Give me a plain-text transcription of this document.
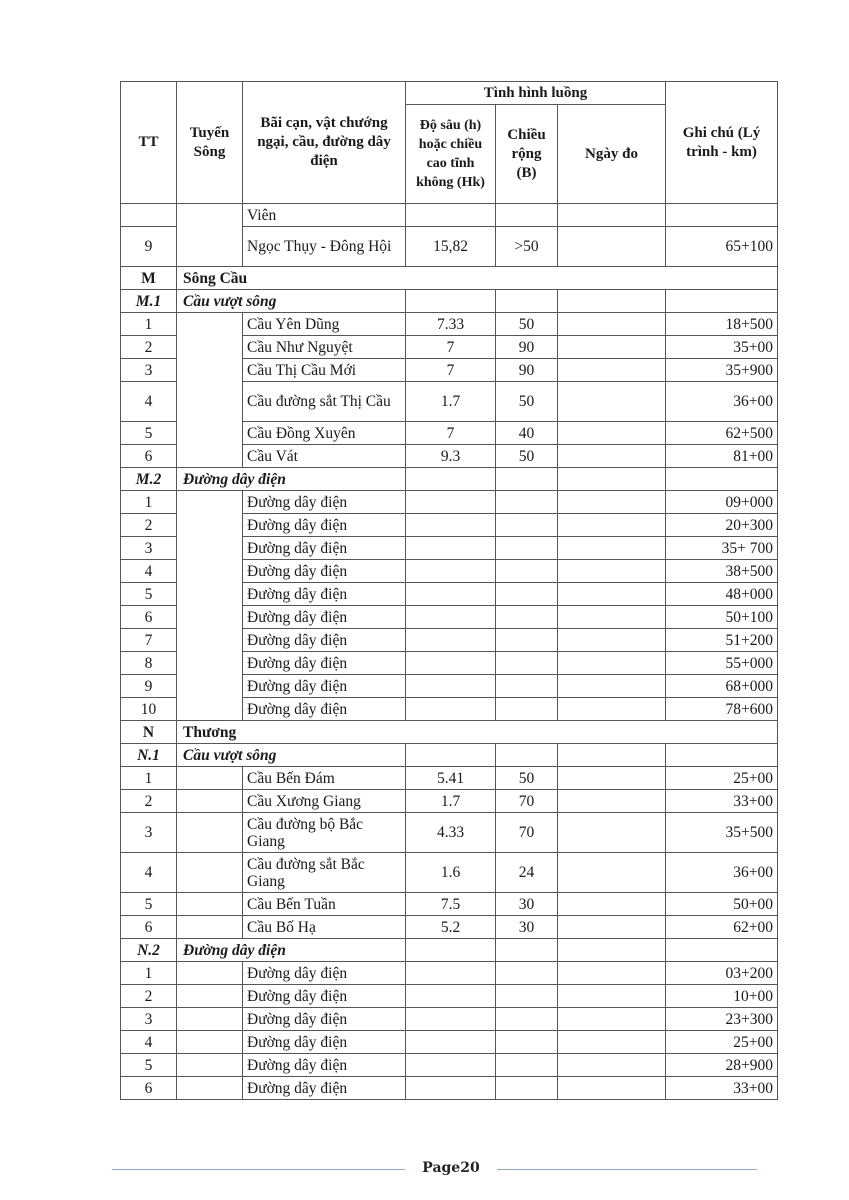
TT	Tuyến Sông	Bãi cạn, vật chướng ngại, cầu, đường dây điện	Tình hình luồng			Ghi chú (Lý trình - km)
			Độ sâu (h) hoặc chiều cao tĩnh không (Hk)	Chiều rộng (B)	Ngày đo	
		Viên				
9		Ngọc Thụy - Đông Hội	15,82	>50		65+100
M	Sông Cầu					
M.1	Cầu vượt sông					
1		Cầu Yên Dũng	7.33	50		18+500
2		Cầu Như Nguyệt	7	90		35+00
3		Cầu Thị Cầu Mới	7	90		35+900
4		Cầu đường sắt Thị Cầu	1.7	50		36+00
5		Cầu Đồng Xuyên	7	40		62+500
6		Cầu Vát	9.3	50		81+00
M.2	Đường dây điện					
1		Đường dây điện				09+000
2		Đường dây điện				20+300
3		Đường dây điện				35+ 700
4		Đường dây điện				38+500
5		Đường dây điện				48+000
6		Đường dây điện				50+100
7		Đường dây điện				51+200
8		Đường dây điện				55+000
9		Đường dây điện				68+000
10		Đường dây điện				78+600
N	Thương					
N.1	Cầu vượt sông					
1		Cầu Bến Đám	5.41	50		25+00
2		Cầu Xương Giang	1.7	70		33+00
3		Cầu đường bộ Bắc Giang	4.33	70		35+500
4		Cầu đường sắt Bắc Giang	1.6	24		36+00
5		Cầu Bến Tuần	7.5	30		50+00
6		Cầu Bố Hạ	5.2	30		62+00
N.2	Đường dây điện					
1		Đường dây điện				03+200
2		Đường dây điện				10+00
3		Đường dây điện				23+300
4		Đường dây điện				25+00
5		Đường dây điện				28+900
6		Đường dây điện				33+00
Page20
